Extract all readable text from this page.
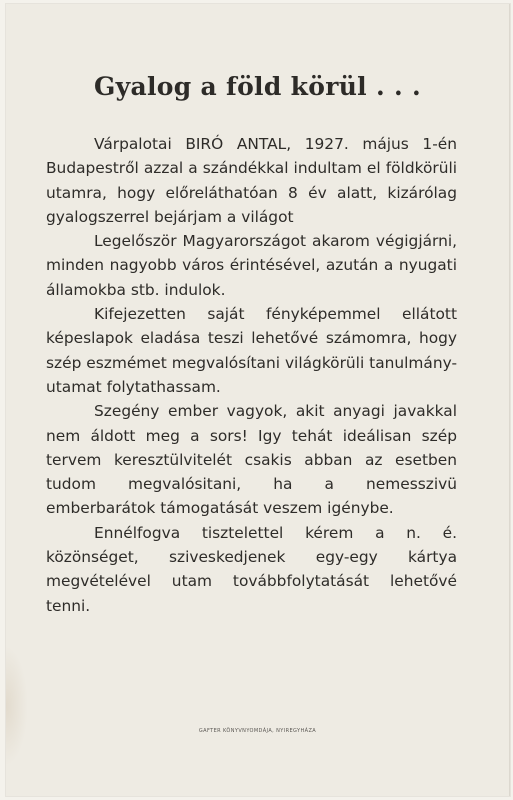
Gyalog a föld körül . . .

Várpalotai BIRÓ ANTAL, 1927. május 1-én Budapestről azzal a szándékkal indultam el földkörüli utamra, hogy előreláthatóan 8 év alatt, kizárólag gyalogszerrel bejárjam a világot

Legelőször Magyarországot akarom végigjárni, minden nagyobb város érintésével, azután a nyugati államokba stb. indulok.

Kifejezetten saját fényképemmel ellátott képeslapok eladása teszi lehetővé számomra, hogy szép eszmémet megvalósítani világkörüli tanulmány-utamat folytathassam.

Szegény ember vagyok, akit anyagi javakkal nem áldott meg a sors! Igy tehát ideálisan szép tervem keresztülvitelét csakis abban az esetben tudom megvalósitani, ha a nemesszivü emberbarátok támogatását veszem igénybe.

Ennélfogva tisztelettel kérem a n. é. közönséget, sziveskedjenek egy-egy kártya megvételével utam továbbfolytatását lehetővé tenni.

GAFTER KÖNYVNYOMDÁJA, NYIREGYHÁZA
